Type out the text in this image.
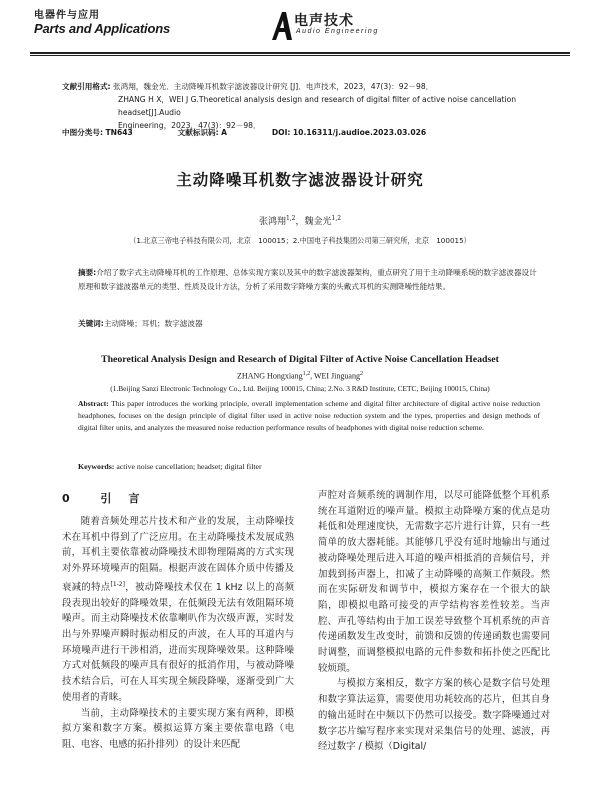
电器件与应用
Parts and Applications	电声技术
Audio Engineering
文献引用格式: 张鸿翔，魏金光．主动降噪耳机数字滤波器设计研究 [J]．电声技术，2023，47(3)：92－98．
ZHANG H X，WEI J G.Theoretical analysis design and research of digital filter of active noise cancellation headset[J].Audio
Engineering，2023，47(3)：92－98．
中图分类号: TN643	文献标识码: A	DOI: 10.16311/j.audioe.2023.03.026
主动降噪耳机数字滤波器设计研究
张鸿翔$^{1,2}$，魏金光$^{1,2}$
（1.北京三帝电子科技有限公司，北京　100015；2.中国电子科技集团公司第三研究所，北京　100015）
摘要:介绍了数字式主动降噪耳机的工作原理、总体实现方案以及其中的数字滤波器架构，重点研究了用于主动降噪系统的数字滤波器设计原理和数字滤波器单元的类型、性质及设计方法，分析了采用数字降噪方案的头戴式耳机的实测降噪性能结果。
关键词:主动降噪；耳机；数字滤波器
Theoretical Analysis Design and Research of Digital Filter of Active Noise Cancellation Headset
ZHANG Hongxiang$^{1,2}$, WEI Jinguang$^2$
(1.Beijing Sanzi Electronic Technology Co., Ltd. Beijing 100015, China; 2.No. 3 R&D Institute, CETC, Beijing 100015, China)
Abstract: This paper introduces the working principle, overall implementation scheme and digital filter architecture of digital active noise reduction headphones, focuses on the design principle of digital filter used in active noise reduction system and the types, properties and design methods of digital filter units, and analyzes the measured noise reduction performance results of headphones with digital noise reduction scheme.
Keywords: active noise cancellation; headset; digital filter
0	引　言

随着音频处理芯片技术和产业的发展，主动降噪技术在耳机中得到了广泛应用。在主动降噪技术发展成熟前，耳机主要依靠被动降噪技术即物理隔离的方式实现对外界环境噪声的阻隔。根据声波在固体介质中传播及衰减的特点[1-2]，被动降噪技术仅在 1 kHz 以上的高频段表现出较好的降噪效果，在低频段无法有效阻隔环境噪声。而主动降噪技术依靠喇叭作为次级声源，实时发出与外界噪声瞬时振动相反的声波，在人耳的耳道内与环境噪声进行干涉相消，进而实现降噪效果。这种降噪方式对低频段的噪声具有很好的抵消作用，与被动降噪技术结合后，可在人耳实现全频段降噪，逐渐受到广大使用者的青睐。

当前，主动降噪技术的主要实现方案有两种，即模拟方案和数字方案。模拟运算方案主要依靠电路（电阻、电容、电感的拓扑排列）的设计来匹配

声腔对音频系统的调制作用，以尽可能降低整个耳机系统在耳道附近的噪声量。模拟主动降噪方案的优点是功耗低和处理速度快，无需数字芯片进行计算，只有一些简单的放大器耗能。其能够几乎没有延时地输出与通过被动降噪处理后进入耳道的噪声相抵消的音频信号，并加载到扬声器上，扣减了主动降噪的高频工作频段。然而在实际研发和调节中，模拟方案存在一个很大的缺陷，即模拟电路可接受的声学结构容差性较差。当声腔、声孔等结构由于加工误差导致整个耳机系统的声音传递函数发生改变时，前馈和反馈的传递函数也需要同时调整，而调整模拟电路的元件参数和拓扑使之匹配比较烦琐。

与模拟方案相反，数字方案的核心是数字信号处理和数字算法运算，需要使用功耗较高的芯片，但其自身的输出延时在中频以下仍然可以接受。数字降噪通过对数字芯片编写程序来实现对采集信号的处理、滤波，再经过数字 / 模拟（Digital/
